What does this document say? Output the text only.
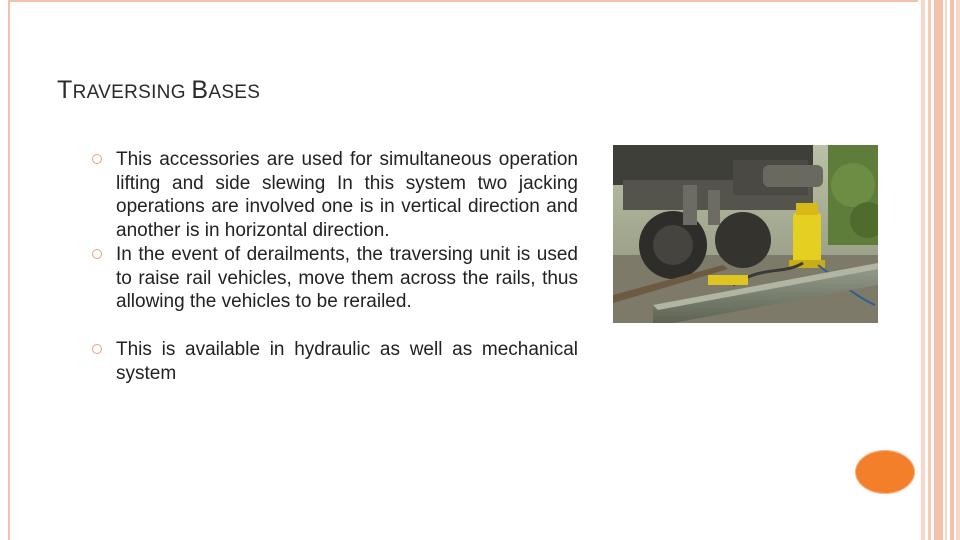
TRAVERSING BASES
This accessories are used for simultaneous operation lifting and side slewing In this system two jacking operations are involved one is in vertical direction and another is in horizontal direction.
In the event of derailments, the traversing unit is used to raise rail vehicles, move them across the rails, thus allowing the vehicles to be rerailed.
This is available in hydraulic as well as mechanical system
